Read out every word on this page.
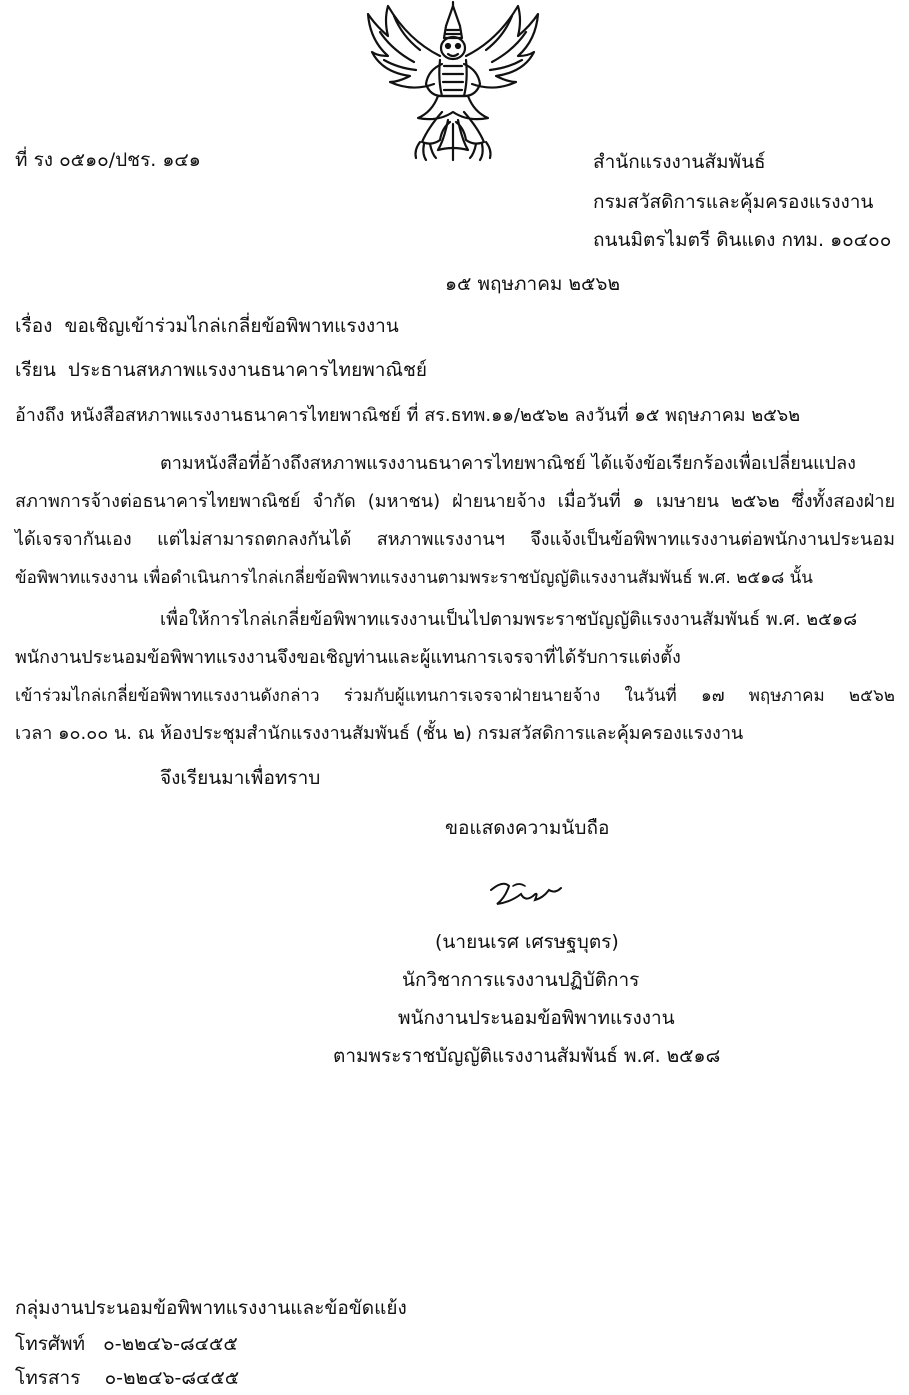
ที่ รง ๐๕๑๐/ปชร. ๑๔๑	สำนักแรงงานสัมพันธ์
กรมสวัสดิการและคุ้มครองแรงงาน
ถนนมิตรไมตรี ดินแดง กทม. ๑๐๔๐๐
๑๕ พฤษภาคม ๒๕๖๒
เรื่อง ขอเชิญเข้าร่วมไกล่เกลี่ยข้อพิพาทแรงงาน
เรียน ประธานสหภาพแรงงานธนาคารไทยพาณิชย์
อ้างถึง หนังสือสหภาพแรงงานธนาคารไทยพาณิชย์ ที่ สร.ธทพ.๑๑/๒๕๖๒ ลงวันที่ ๑๕ พฤษภาคม ๒๕๖๒
ตามหนังสือที่อ้างถึงสหภาพแรงงานธนาคารไทยพาณิชย์ ได้แจ้งข้อเรียกร้องเพื่อเปลี่ยนแปลง
สภาพการจ้างต่อธนาคารไทยพาณิชย์ จำกัด (มหาชน) ฝ่ายนายจ้าง เมื่อวันที่ ๑ เมษายน ๒๕๖๒ ซึ่งทั้งสองฝ่าย
ได้เจรจากันเอง แต่ไม่สามารถตกลงกันได้ สหภาพแรงงานฯ จึงแจ้งเป็นข้อพิพาทแรงงานต่อพนักงานประนอม
ข้อพิพาทแรงงาน เพื่อดำเนินการไกล่เกลี่ยข้อพิพาทแรงงานตามพระราชบัญญัติแรงงานสัมพันธ์ พ.ศ. ๒๕๑๘ นั้น
เพื่อให้การไกล่เกลี่ยข้อพิพาทแรงงานเป็นไปตามพระราชบัญญัติแรงงานสัมพันธ์ พ.ศ. ๒๕๑๘
พนักงานประนอมข้อพิพาทแรงงานจึงขอเชิญท่านและผู้แทนการเจรจาที่ได้รับการแต่งตั้ง
เข้าร่วมไกล่เกลี่ยข้อพิพาทแรงงานดังกล่าว ร่วมกับผู้แทนการเจรจาฝ่ายนายจ้าง ในวันที่ ๑๗ พฤษภาคม ๒๕๖๒
เวลา ๑๐.๐๐ น. ณ ห้องประชุมสำนักแรงงานสัมพันธ์ (ชั้น ๒) กรมสวัสดิการและคุ้มครองแรงงาน
จึงเรียนมาเพื่อทราบ
ขอแสดงความนับถือ
(นายนเรศ เศรษฐบุตร)
นักวิชาการแรงงานปฏิบัติการ
พนักงานประนอมข้อพิพาทแรงงาน
ตามพระราชบัญญัติแรงงานสัมพันธ์ พ.ศ. ๒๕๑๘
กลุ่มงานประนอมข้อพิพาทแรงงานและข้อขัดแย้ง
โทรศัพท์ ๐-๒๒๔๖-๘๔๕๕
โทรสาร ๐-๒๒๔๖-๘๔๕๕
